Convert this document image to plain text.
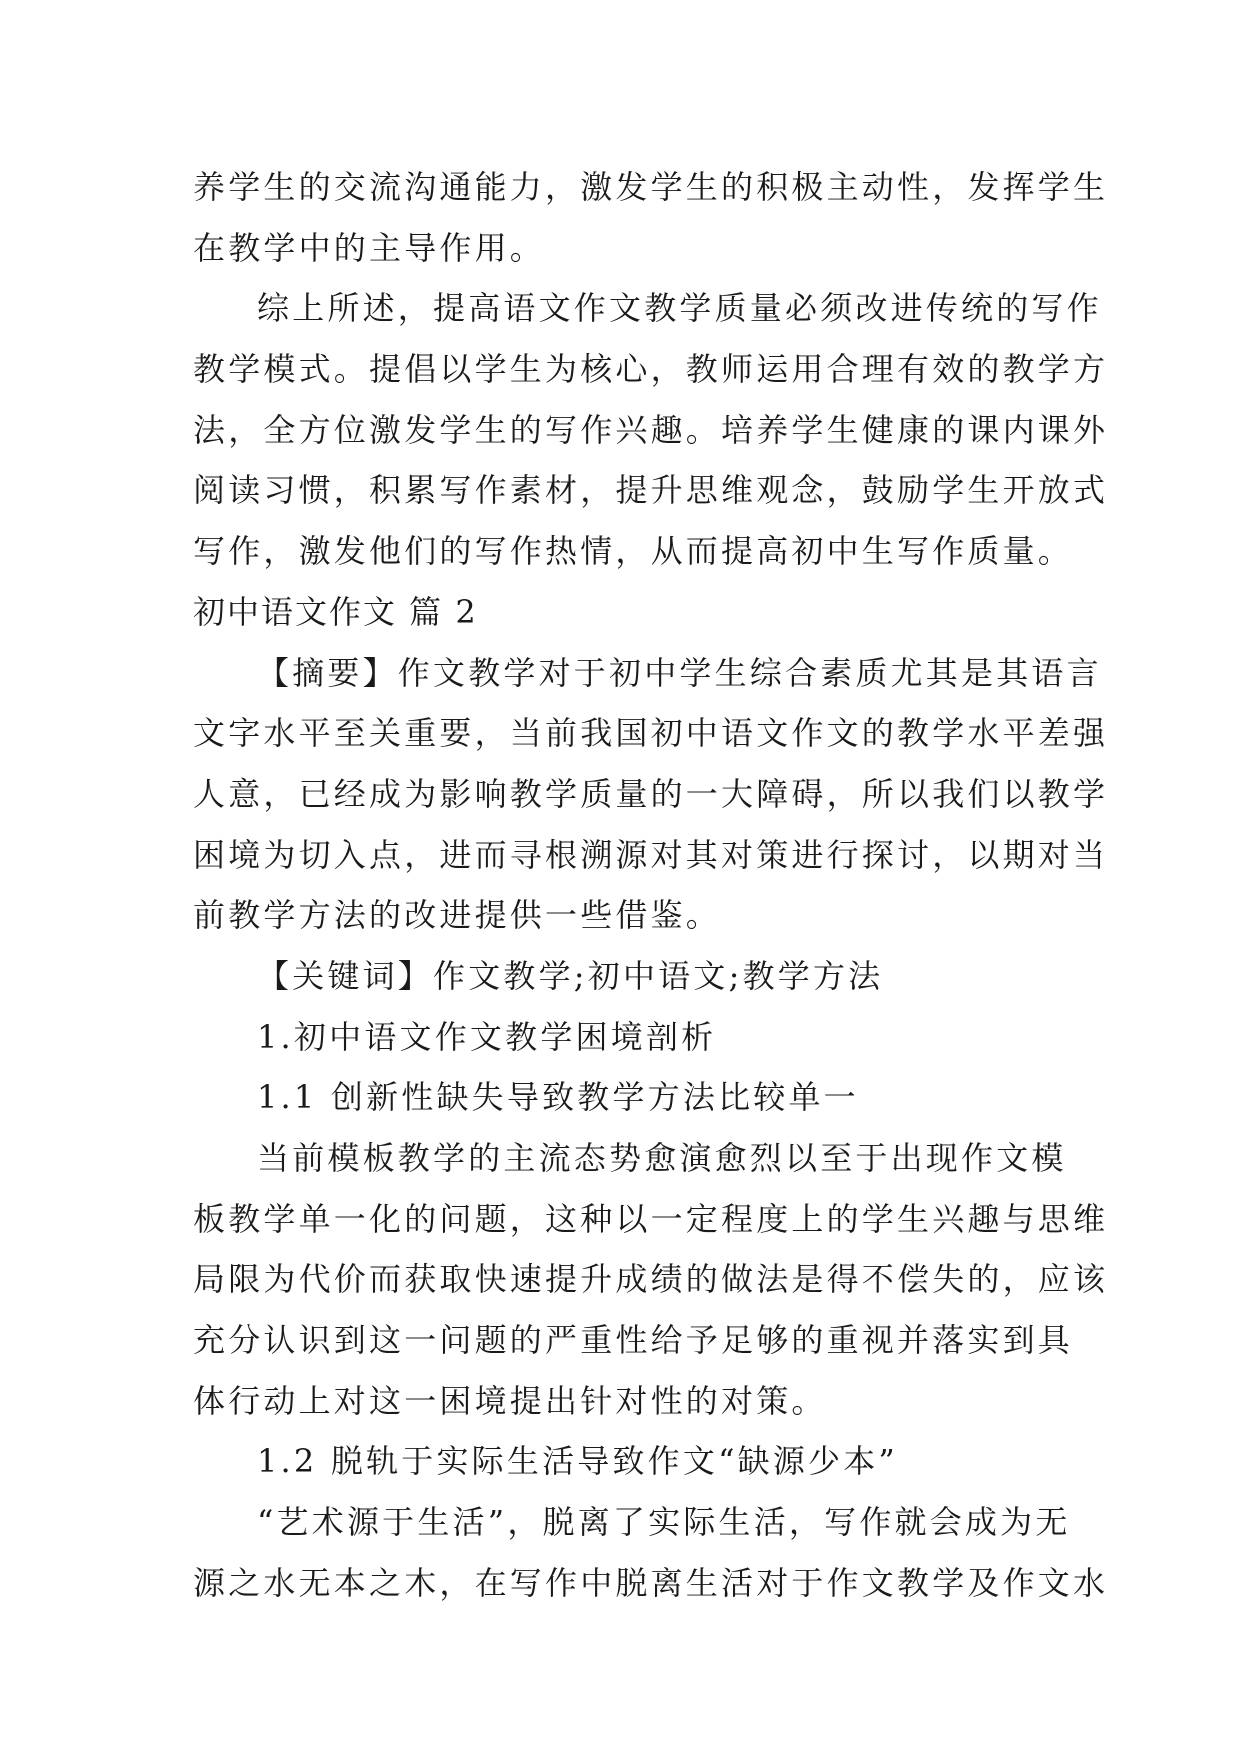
养学生的交流沟通能力，激发学生的积极主动性，发挥学生
在教学中的主导作用。
综上所述，提高语文作文教学质量必须改进传统的写作
教学模式。提倡以学生为核心，教师运用合理有效的教学方
法，全方位激发学生的写作兴趣。培养学生健康的课内课外
阅读习惯，积累写作素材，提升思维观念，鼓励学生开放式
写作，激发他们的写作热情，从而提高初中生写作质量。
初中语文作文 篇 2
【摘要】作文教学对于初中学生综合素质尤其是其语言
文字水平至关重要，当前我国初中语文作文的教学水平差强
人意，已经成为影响教学质量的一大障碍，所以我们以教学
困境为切入点，进而寻根溯源对其对策进行探讨，以期对当
前教学方法的改进提供一些借鉴。
【关键词】作文教学;初中语文;教学方法
1.初中语文作文教学困境剖析
1.1 创新性缺失导致教学方法比较单一
当前模板教学的主流态势愈演愈烈以至于出现作文模
板教学单一化的问题，这种以一定程度上的学生兴趣与思维
局限为代价而获取快速提升成绩的做法是得不偿失的，应该
充分认识到这一问题的严重性给予足够的重视并落实到具
体行动上对这一困境提出针对性的对策。
1.2 脱轨于实际生活导致作文“缺源少本”
“艺术源于生活”，脱离了实际生活，写作就会成为无
源之水无本之木，在写作中脱离生活对于作文教学及作文水
